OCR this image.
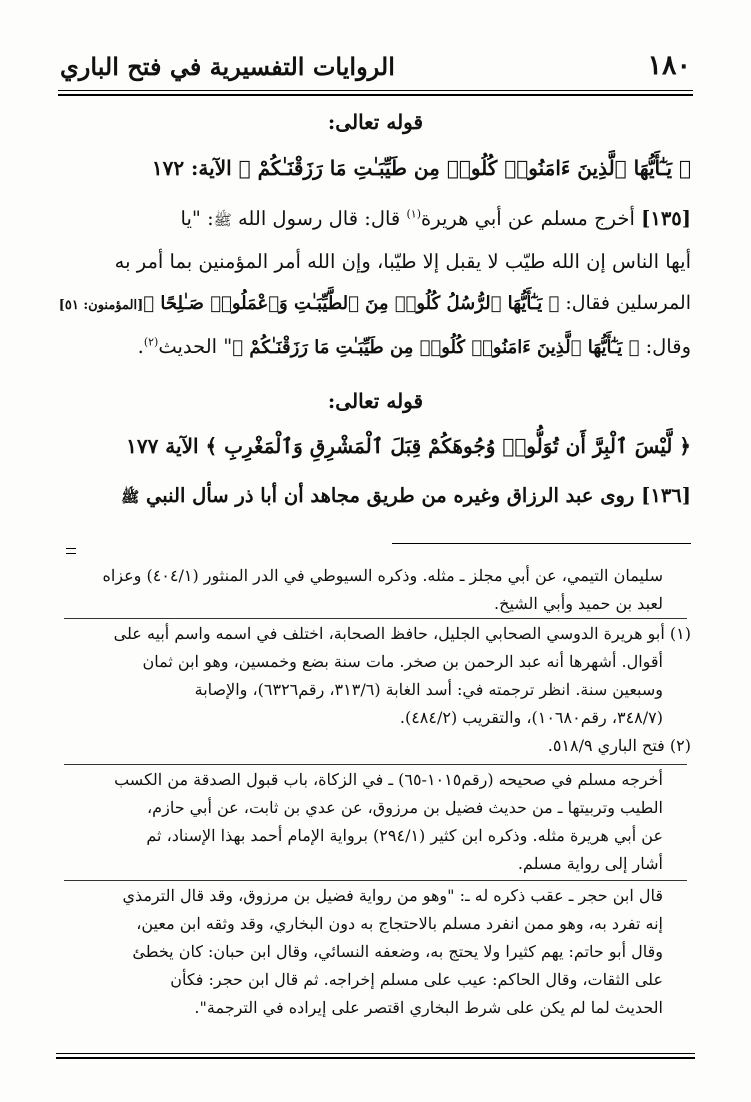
١٨٠
الروايات التفسيرية في فتح الباري
قوله تعالى:
﴿ يَـٰٓأَيُّهَا ٱلَّذِينَ ءَامَنُوا۟ كُلُوا۟ مِن طَيِّبَـٰتِ مَا رَزَقْنَـٰكُمْ ﴾ الآية: ١٧٢
[١٣٥] أخرج مسلم عن أبي هريرة$^{(١)}$ قال: قال رسول الله ﷺ: "يا
أيها الناس إن الله طيّب لا يقبل إلا طيّبا، وإن الله أمر المؤمنين بما أمر به
المرسلين فقال: ﴿ يَـٰٓأَيُّهَا ٱلرُّسُلُ كُلُوا۟ مِنَ ٱلطَّيِّبَـٰتِ وَٱعْمَلُوا۟ صَـٰلِحًا ﴾[المؤمنون: ٥١]
وقال: ﴿ يَـٰٓأَيُّهَا ٱلَّذِينَ ءَامَنُوا۟ كُلُوا۟ مِن طَيِّبَـٰتِ مَا رَزَقْنَـٰكُمْ ﴾" الحديث$^{(٢)}$.
قوله تعالى:
﴿ لَّيْسَ ٱلْبِرَّ أَن تُوَلُّوا۟ وُجُوهَكُمْ قِبَلَ ٱلْمَشْرِقِ وَٱلْمَغْرِبِ ﴾ الآية ١٧٧
[١٣٦] روى عبد الرزاق وغيره من طريق مجاهد أن أبا ذر سأل النبي ﷺ
سليمان التيمي، عن أبي مجلز ـ مثله. وذكره السيوطي في الدر المنثور (٤٠٤/١) وعزاه
لعبد بن حميد وأبي الشيخ.
(١) أبو هريرة الدوسي الصحابي الجليل، حافظ الصحابة، اختلف في اسمه واسم أبيه على
أقوال. أشهرها أنه عبد الرحمن بن صخر. مات سنة بضع وخمسين، وهو ابن ثمان
وسبعين سنة. انظر ترجمته في: أسد الغابة (٣١٣/٦، رقم٦٣٢٦)، والإصابة
(٣٤٨/٧، رقم١٠٦٨٠)، والتقريب (٤٨٤/٢).
(٢) فتح الباري ٥١٨/٩.
أخرجه مسلم في صحيحه (رقم١٠١٥-٦٥) ـ في الزكاة، باب قبول الصدقة من الكسب
الطيب وتربيتها ـ من حديث فضيل بن مرزوق، عن عدي بن ثابت، عن أبي حازم،
عن أبي هريرة مثله. وذكره ابن كثير (٢٩٤/١) برواية الإمام أحمد بهذا الإسناد، ثم
أشار إلى رواية مسلم.
قال ابن حجر ـ عقب ذكره له ـ: "وهو من رواية فضيل بن مرزوق، وقد قال الترمذي
إنه تفرد به، وهو ممن انفرد مسلم بالاحتجاج به دون البخاري، وقد وثقه ابن معين،
وقال أبو حاتم: يهم كثيرا ولا يحتج به، وضعفه النسائي، وقال ابن حبان: كان يخطئ
على الثقات، وقال الحاكم: عيب على مسلم إخراجه. ثم قال ابن حجر: فكأن
الحديث لما لم يكن على شرط البخاري اقتصر على إيراده في الترجمة".
